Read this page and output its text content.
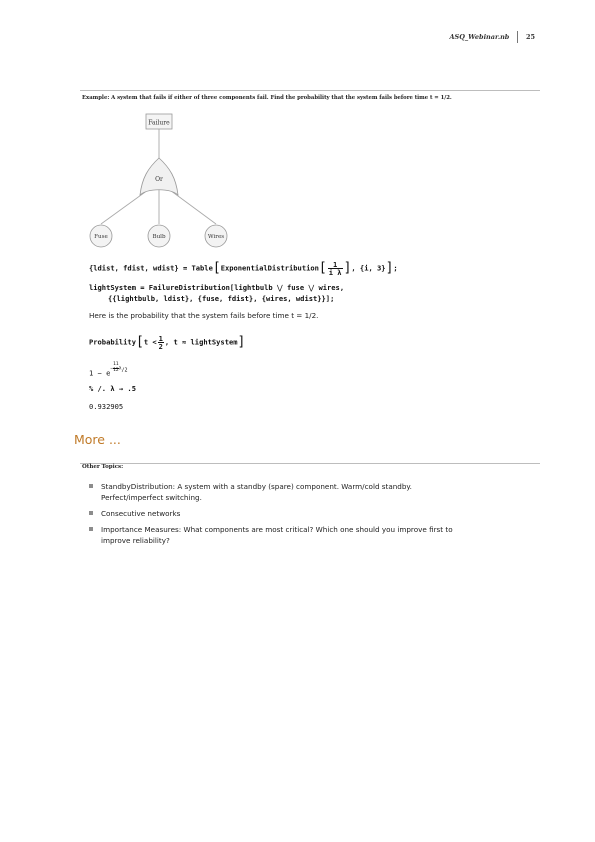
ASQ_Webinar.nb	25
Example: A system that fails if either of three components fail. Find the probability that the system fails before time t = 1/2.
Failure
Or
Fuse	Bulb	Wires
{ldist, fdist, wdist} = Table[ExponentialDistribution[ $\frac{1}{\text{i λ}}$ ], {i, 3}];
lightSystem = FailureDistribution[lightbulb ⋁ fuse ⋁ wires,
{{lightbulb, ldist}, {fuse, fdist}, {wires, wdist}}];
Here is the probability that the system fails before time t = 1/2.
Probability[t < $\frac{1}{2}$ , t ≈ lightSystem]
$1 - e- \frac{11}{12} \lambda^{/2}$
% /. λ → .5
0.932905
More ...
Other Topics:
StandbyDistribution: A system with a standby (spare) component. Warm/cold standby.
Perfect/imperfect switching.
Consecutive networks
Importance Measures: What components are most critical? Which one should you improve first to
improve reliability?
